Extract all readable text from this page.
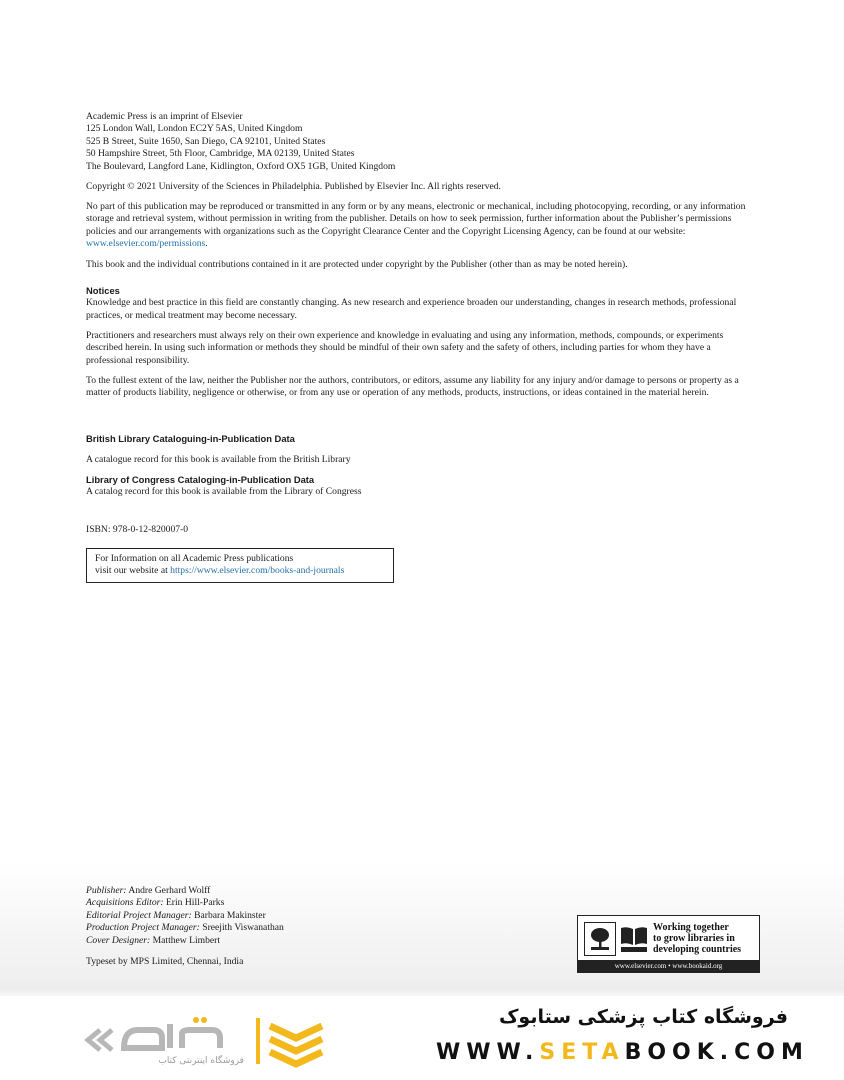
Academic Press is an imprint of Elsevier

125 London Wall, London EC2Y 5AS, United Kingdom

525 B Street, Suite 1650, San Diego, CA 92101, United States

50 Hampshire Street, 5th Floor, Cambridge, MA 02139, United States

The Boulevard, Langford Lane, Kidlington, Oxford OX5 1GB, United Kingdom

Copyright © 2021 University of the Sciences in Philadelphia. Published by Elsevier Inc. All rights reserved.
No part of this publication may be reproduced or transmitted in any form or by any means, electronic or mechanical, including photocopying, recording, or any information storage and retrieval system, without permission in writing from the publisher. Details on how to seek permission, further information about the Publisher’s permissions policies and our arrangements with organizations such as the Copyright Clearance Center and the Copyright Licensing Agency, can be found at our website: www.elsevier.com/permissions.
This book and the individual contributions contained in it are protected under copyright by the Publisher (other than as may be noted herein).

Notices

Knowledge and best practice in this field are constantly changing. As new research and experience broaden our understanding, changes in research methods, professional practices, or medical treatment may become necessary.

Practitioners and researchers must always rely on their own experience and knowledge in evaluating and using any information, methods, compounds, or experiments described herein. In using such information or methods they should be mindful of their own safety and the safety of others, including parties for whom they have a professional responsibility.
To the fullest extent of the law, neither the Publisher nor the authors, contributors, or editors, assume any liability for any injury and/or damage to persons or property as a matter of products liability, negligence or otherwise, or from any use or operation of any methods, products, instructions, or ideas contained in the material herein.
British Library Cataloguing-in-Publication Data
A catalogue record for this book is available from the British Library
Library of Congress Cataloging-in-Publication Data
A catalog record for this book is available from the Library of Congress
ISBN: 978-0-12-820007-0
For Information on all Academic Press publications
visit our website at https://www.elsevier.com/books-and-journals

Publisher: Andre Gerhard Wolff

Acquisitions Editor: Erin Hill-Parks

Editorial Project Manager: Barbara Makinster

Production Project Manager: Sreejith Viswanathan

Cover Designer: Matthew Limbert

Typeset by MPS Limited, Chennai, India
Working together
to grow libraries in
developing countries
www.elsevier.com • www.bookaid.org
فروشگاه اینترنتی کتاب
فروشگاه کتاب پزشکی ستابوک
WWW.SETABOOK.COM
